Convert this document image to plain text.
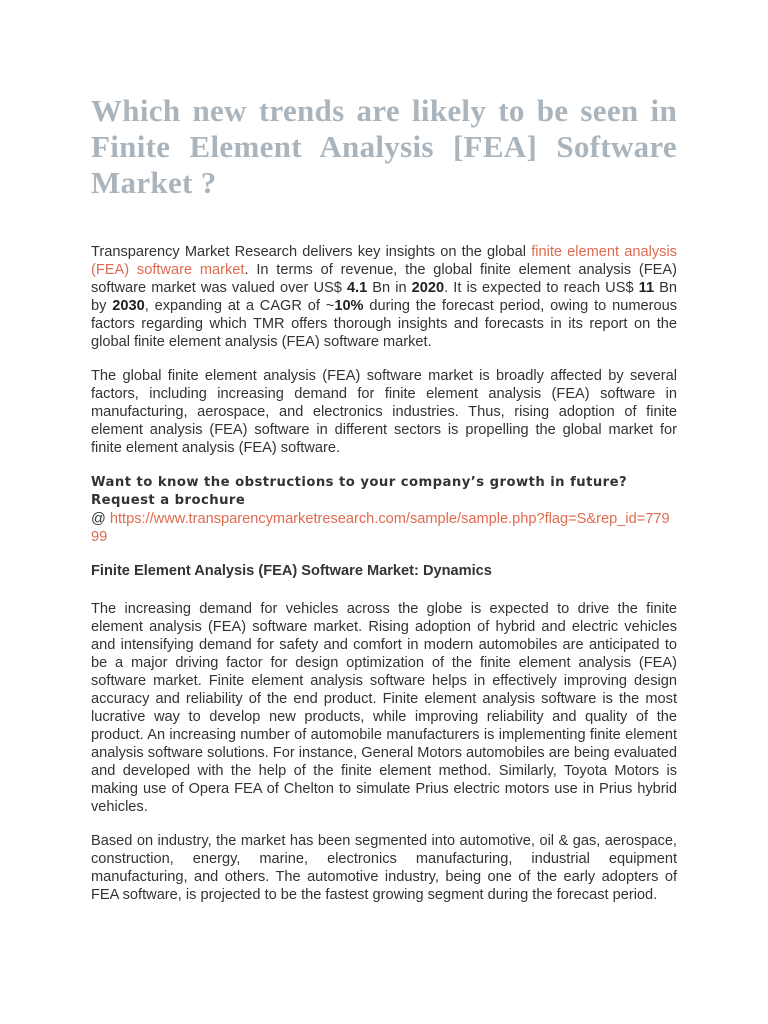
Which new trends are likely to be seen in Finite Element Analysis [FEA] Software Market ?

Transparency Market Research delivers key insights on the global finite element analysis (FEA) software market. In terms of revenue, the global finite element analysis (FEA) software market was valued over US$ 4.1 Bn in 2020. It is expected to reach US$ 11 Bn by 2030, expanding at a CAGR of ~10% during the forecast period, owing to numerous factors regarding which TMR offers thorough insights and forecasts in its report on the global finite element analysis (FEA) software market.

The global finite element analysis (FEA) software market is broadly affected by several factors, including increasing demand for finite element analysis (FEA) software in manufacturing, aerospace, and electronics industries. Thus, rising adoption of finite element analysis (FEA) software in different sectors is propelling the global market for finite element analysis (FEA) software.

Want to know the obstructions to your company’s growth in future? Request a brochure
@ https://www.transparencymarketresearch.com/sample/sample.php?flag=S&rep_id=77999
Finite Element Analysis (FEA) Software Market: Dynamics

The increasing demand for vehicles across the globe is expected to drive the finite element analysis (FEA) software market. Rising adoption of hybrid and electric vehicles and intensifying demand for safety and comfort in modern automobiles are anticipated to be a major driving factor for design optimization of the finite element analysis (FEA) software market. Finite element analysis software helps in effectively improving design accuracy and reliability of the end product. Finite element analysis software is the most lucrative way to develop new products, while improving reliability and quality of the product. An increasing number of automobile manufacturers is implementing finite element analysis software solutions. For instance, General Motors automobiles are being evaluated and developed with the help of the finite element method. Similarly, Toyota Motors is making use of Opera FEA of Chelton to simulate Prius electric motors use in Prius hybrid vehicles.

Based on industry, the market has been segmented into automotive, oil & gas, aerospace, construction, energy, marine, electronics manufacturing, industrial equipment manufacturing, and others. The automotive industry, being one of the early adopters of FEA software, is projected to be the fastest growing segment during the forecast period.
